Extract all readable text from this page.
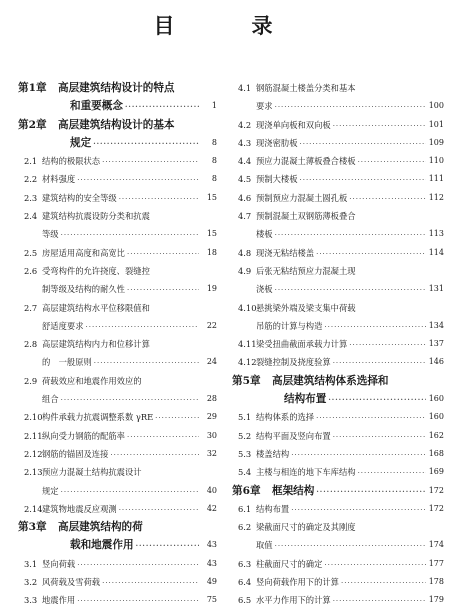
目　录
第1章 高层建筑结构设计的特点
和重要概念 ·····	1
第2章 高层建筑结构设计的基本
规定 ·····	8
2.1 结构的极限状态 ·····	8
2.2 材料强度 ·····	8
2.3 建筑结构的安全等级 ·····	15
2.4 建筑结构抗震设防分类和抗震
等级 ·····	15
2.5 房屋适用高度和高宽比 ·····	18
2.6 受弯构件的允许挠度、裂缝控
制等级及结构的耐久性 ·····	19
2.7 高层建筑结构水平位移限值和
舒适度要求 ·····	22
2.8 高层建筑结构内力和位移计算
的　一般原则 ·····	24
2.9 荷载效应和地震作用效应的
组合 ·····	28
2.10 构件承载力抗震调整系数 γRE ·····	29
2.11 纵向受力钢筋的配筋率 ·····	30
2.12 钢筋的锚固及连接 ·····	32
2.13 预应力混凝土结构抗震设计
规定 ·····	40
2.14 建筑物地震反应观测 ·····	42
第3章 高层建筑结构的荷
载和地震作用 ·····	43
3.1 竖向荷载 ·····	43
3.2 风荷载及雪荷载 ·····	49
3.3 地震作用 ·····	75
4.1 钢筋混凝土楼盖分类和基本
要求 ·····	100
4.2 现浇单向板和双向板 ·····	101
4.3 现浇密肋板 ·····	109
4.4 预应力混凝土薄板叠合楼板 ·····	110
4.5 预制大楼板 ·····	111
4.6 预制预应力混凝土圆孔板 ·····	112
4.7 预制混凝土双钢筋薄板叠合
楼板 ·····	113
4.8 现浇无粘结楼盖 ·····	114
4.9 后张无粘结预应力混凝土现
浇板 ·····	131
4.10 悬挑梁外端及梁支集中荷载
吊筋的计算与构造 ·····	134
4.11 梁受扭曲截面承载力计算 ·····	137
4.12 裂缝控制及挠度验算 ·····	146
第5章 高层建筑结构体系选择和
结构布置 ·····	160
5.1 结构体系的选择 ·····	160
5.2 结构平面及竖向布置 ·····	162
5.3 楼盖结构 ·····	168
5.4 主楼与相连的地下车库结构 ·····	169
第6章 框架结构 ·····	172
6.1 结构布置 ·····	172
6.2 梁截面尺寸的确定及其刚度
取值 ·····	174
6.3 柱截面尺寸的确定 ·····	177
6.4 竖向荷载作用下的计算 ·····	178
6.5 水平力作用下的计算 ·····	179
